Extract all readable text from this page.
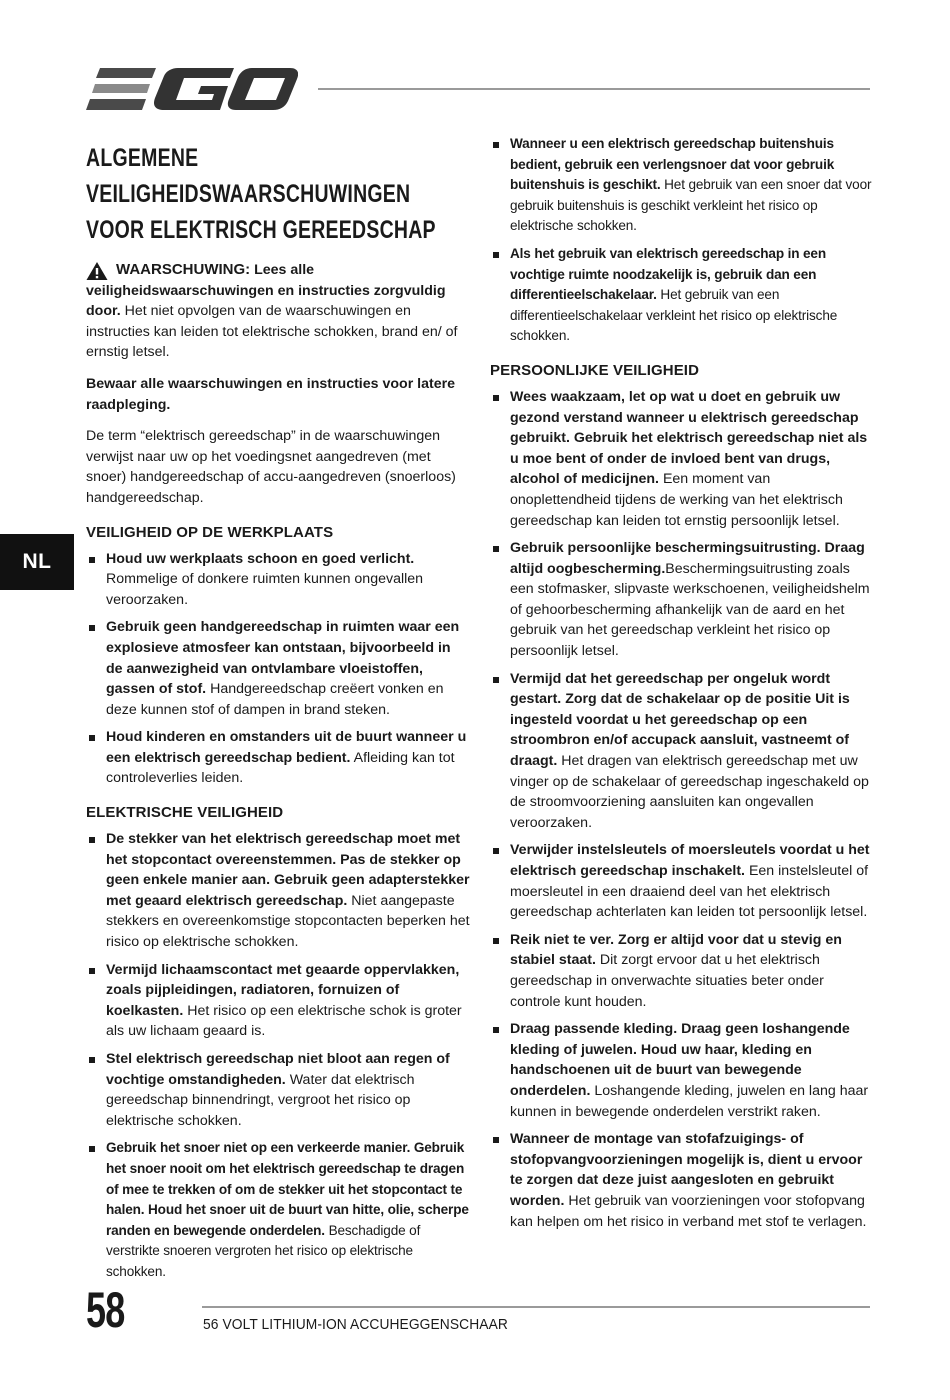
NL
ALGEMENE VEILIGHEIDSWAARSCHUWINGEN
VOOR ELEKTRISCH GEREEDSCHAP

WAARSCHUWING:
Lees alle
veiligheidswaarschuwingen en instructies zorgvuldig door. Het niet opvolgen van de waarschuwingen en instructies kan leiden tot elektrische schokken, brand en/ of ernstig letsel.

Bewaar alle waarschuwingen en instructies voor latere raadpleging.

De term “elektrisch gereedschap” in de waarschuwingen verwijst naar uw op het voedingsnet aangedreven (met snoer) handgereedschap of accu-aangedreven (snoerloos) handgereedschap.

VEILIGHEID OP DE WERKPLAATS
Houd uw werkplaats schoon en goed verlicht. Rommelige of donkere ruimten kunnen ongevallen veroorzaken.
Gebruik geen handgereedschap in ruimten waar een explosieve atmosfeer kan ontstaan, bijvoorbeeld in de aanwezigheid van ontvlambare vloeistoffen, gassen of stof. Handgereedschap creëert vonken en deze kunnen stof of dampen in brand steken.
Houd kinderen en omstanders uit de buurt wanneer u een elektrisch gereedschap bedient. Afleiding kan tot controleverlies leiden.
ELEKTRISCHE VEILIGHEID
De stekker van het elektrisch gereedschap moet met het stopcontact overeenstemmen. Pas de stekker op geen enkele manier aan. Gebruik geen adapterstekker met geaard elektrisch gereedschap. Niet aangepaste stekkers en overeenkomstige stopcontacten beperken het risico op elektrische schokken.
Vermijd lichaamscontact met geaarde oppervlakken, zoals pijpleidingen, radiatoren, fornuizen of koelkasten. Het risico op een elektrische schok is groter als uw lichaam geaard is.
Stel elektrisch gereedschap niet bloot aan regen of vochtige omstandigheden. Water dat elektrisch gereedschap binnendringt, vergroot het risico op elektrische schokken.
Gebruik het snoer niet op een verkeerde manier. Gebruik het snoer nooit om het elektrisch gereedschap te dragen of mee te trekken of om de stekker uit het stopcontact te halen. Houd het snoer uit de buurt van hitte, olie, scherpe randen en bewegende onderdelen. Beschadigde of verstrikte snoeren vergroten het risico op elektrische schokken.
Wanneer u een elektrisch gereedschap buitenshuis bedient, gebruik een verlengsnoer dat voor gebruik buitenshuis is geschikt. Het gebruik van een snoer dat voor gebruik buitenshuis is geschikt verkleint het risico op elektrische schokken.
Als het gebruik van elektrisch gereedschap in een vochtige ruimte noodzakelijk is, gebruik dan een differentieelschakelaar. Het gebruik van een differentieelschakelaar verkleint het risico op elektrische schokken.
PERSOONLIJKE VEILIGHEID
Wees waakzaam, let op wat u doet en gebruik uw gezond verstand wanneer u elektrisch gereedschap gebruikt. Gebruik het elektrisch gereedschap niet als u moe bent of onder de invloed bent van drugs, alcohol of medicijnen. Een moment van onoplettendheid tijdens de werking van het elektrisch gereedschap kan leiden tot ernstig persoonlijk letsel.
Gebruik persoonlijke beschermingsuitrusting. Draag altijd oogbescherming.Beschermingsuitrusting zoals een stofmasker, slipvaste werkschoenen, veiligheidshelm of gehoorbescherming afhankelijk van de aard en het gebruik van het gereedschap verkleint het risico op persoonlijk letsel.
Vermijd dat het gereedschap per ongeluk wordt gestart. Zorg dat de schakelaar op de positie Uit is ingesteld voordat u het gereedschap op een stroombron en/of accupack aansluit, vastneemt of draagt. Het dragen van elektrisch gereedschap met uw vinger op de schakelaar of gereedschap ingeschakeld op de stroomvoorziening aansluiten kan ongevallen veroorzaken.
Verwijder instelsleutels of moersleutels voordat u het elektrisch gereedschap inschakelt. Een instelsleutel of moersleutel in een draaiend deel van het elektrisch gereedschap achterlaten kan leiden tot persoonlijk letsel.
Reik niet te ver. Zorg er altijd voor dat u stevig en stabiel staat. Dit zorgt ervoor dat u het elektrisch gereedschap in onverwachte situaties beter onder controle kunt houden.
Draag passende kleding. Draag geen loshangende kleding of juwelen. Houd uw haar, kleding en handschoenen uit de buurt van bewegende onderdelen. Loshangende kleding, juwelen en lang haar kunnen in bewegende onderdelen verstrikt raken.
Wanneer de montage van stofafzuigings- of stofopvangvoorzieningen mogelijk is, dient u ervoor te zorgen dat deze juist aangesloten en gebruikt worden. Het gebruik van voorzieningen voor stofopvang kan helpen om het risico in verband met stof te verlagen.
58	56 VOLT LITHIUM-ION ACCUHEGGENSCHAAR
